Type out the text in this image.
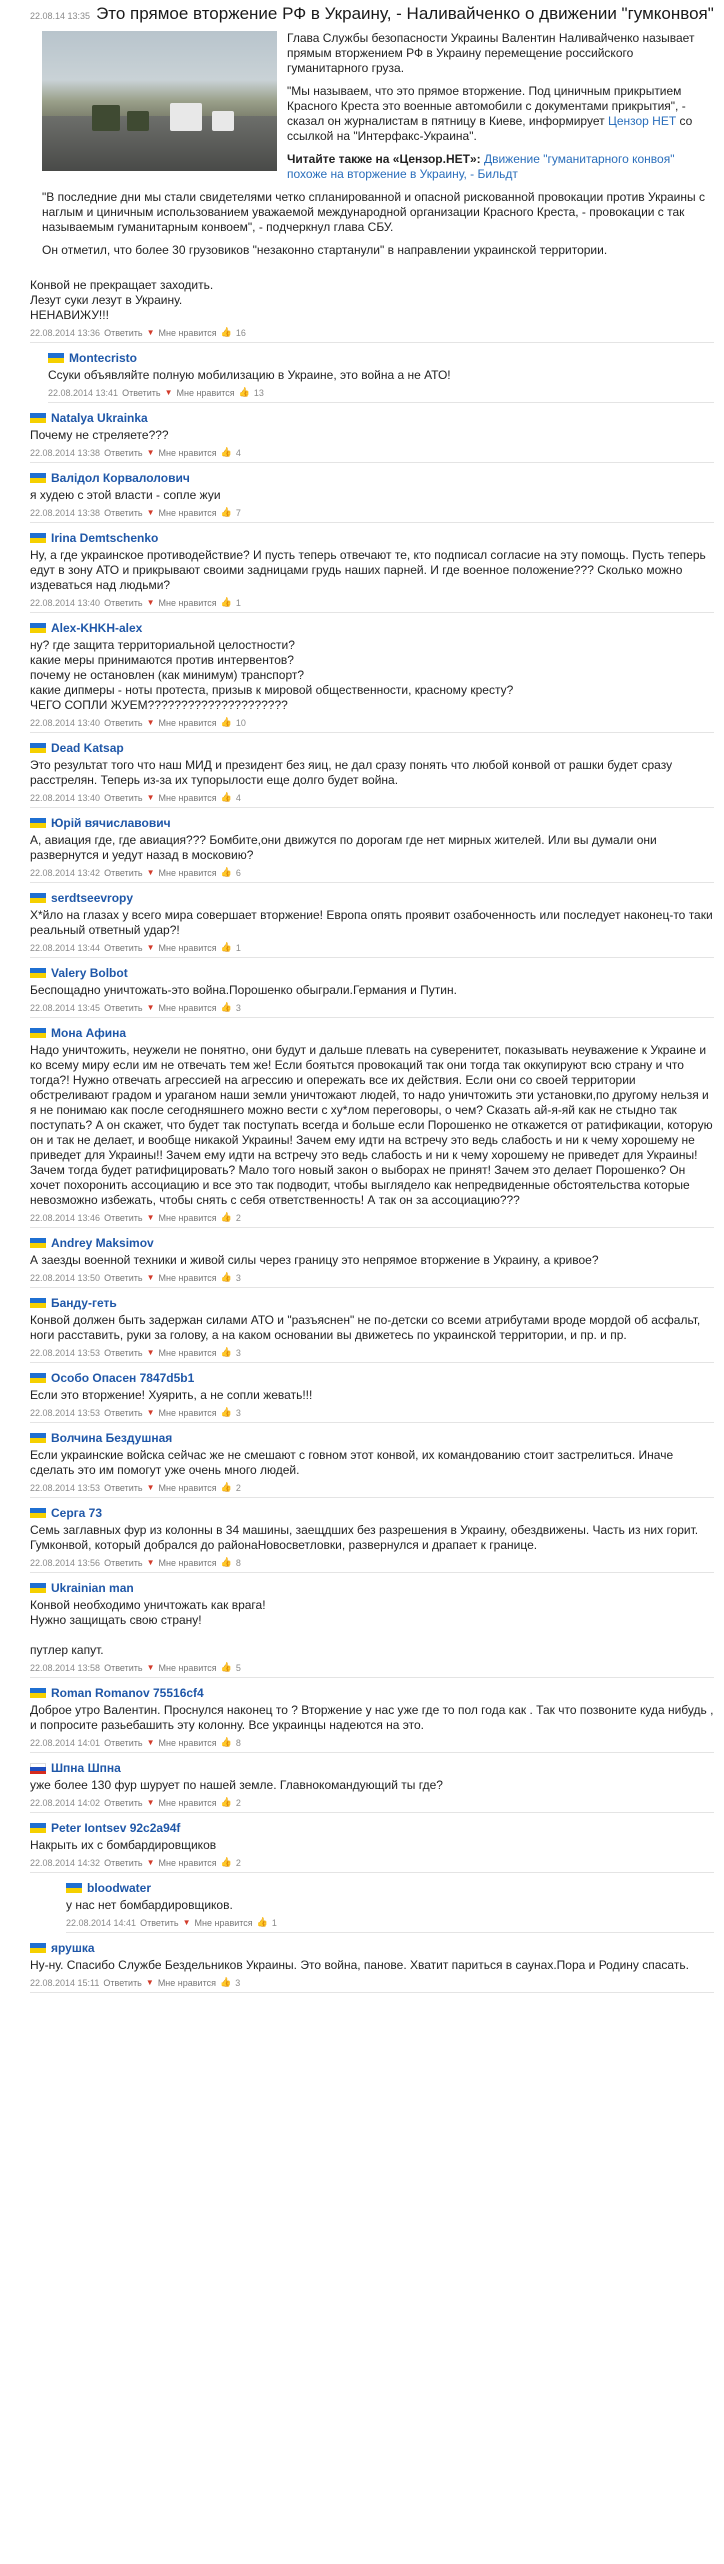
22.08.14 13:35 Это прямое вторжение РФ в Украину, - Наливайченко о движении "гумконвоя"

Глава Службы безопасности Украины Валентин Наливайченко называет прямым вторжением РФ в Украину перемещение российского гуманитарного груза.

"Мы называем, что это прямое вторжение. Под циничным прикрытием Красного Креста это военные автомобили с документами прикрытия", - сказал он журналистам в пятницу в Киеве, информирует Цензор НЕТ со ссылкой на "Интерфакс-Украина".

Читайте также на «Цензор.НЕТ»: Движение "гуманитарного конвоя" похоже на вторжение в Украину, - Бильдт

"В последние дни мы стали свидетелями четко спланированной и опасной рискованной провокации против Украины с наглым и циничным использованием уважаемой международной организации Красного Креста, - провокации с так называемым гуманитарным конвоем", - подчеркнул глава СБУ.

Он отметил, что более 30 грузовиков "незаконно стартанули" в направлении украинской территории.

Конвой не прекращает заходить.
Лезут суки лезут в Украину.
НЕНАВИЖУ!!!
22.08.2014 13:36 Ответить ▼ Мне нравится 👍 16
Montecristo
Ссуки объявляйте полную мобилизацию в Украине, это война а не АТО!
22.08.2014 13:41 Ответить ▼ Мне нравится 👍 13
Natalya Ukrainka
Почему не стреляете???
22.08.2014 13:38 Ответить ▼ Мне нравится 👍 4
Валідол Корвалолович
я худею с этой власти - сопле жуи
22.08.2014 13:38 Ответить ▼ Мне нравится 👍 7
Irina Demtschenko
Ну, а где украинское противодействие? И пусть теперь отвечают те, кто подписал согласие на эту помощь. Пусть теперь едут в зону АТО и прикрывают своими задницами грудь наших парней. И где военное положение??? Сколько можно издеваться над людьми?
22.08.2014 13:40 Ответить ▼ Мне нравится 👍 1
Alex-KHKH-alex
ну? где защита территориальной целостности?
какие меры принимаются против интервентов?
почему не остановлен (как минимум) транспорт?
какие дипмеры - ноты протеста, призыв к мировой общественности, красному кресту?
ЧЕГО СОПЛИ ЖУЕМ?????????????????????
22.08.2014 13:40 Ответить ▼ Мне нравится 👍 10
Dead Katsap
Это результат того что наш МИД и президент без яиц, не дал сразу понять что любой конвой от рашки будет сразу расстрелян. Теперь из-за их тупорылости еще долго будет война.
22.08.2014 13:40 Ответить ▼ Мне нравится 👍 4
Юрій вячиславович
А, авиация где, где авиация??? Бомбите,они движутся по дорогам где нет мирных жителей. Или вы думали они развернутся и уедут назад в московию?
22.08.2014 13:42 Ответить ▼ Мне нравится 👍 6
serdtseevropy
Х*йло на глазах у всего мира совершает вторжение! Европа опять проявит озабоченность или последует наконец-то таки реальный ответный удар?!
22.08.2014 13:44 Ответить ▼ Мне нравится 👍 1
Valery Bolbot
Беспощадно уничтожать-это война.Порошенко обыграли.Германия и Путин.
22.08.2014 13:45 Ответить ▼ Мне нравится 👍 3
Мона Афина
Надо уничтожить, неужели не понятно, они будут и дальше плевать на суверенитет, показывать неуважение к Украине и ко всему миру если им не отвечать тем же! Если боятьтся провокаций так они тогда так оккупируют всю страну и что тогда?! Нужно отвечать агрессией на агрессию и опережать все их действия. Если они со своей территории обстреливают градом и ураганом наши земли уничтожают людей, то надо уничтожить эти установки,по другому нельзя и я не понимаю как после сегодняшнего можно вести с ху*лом переговоры, о чем? Сказать ай-я-яй как не стыдно так поступать? А он скажет, что будет так поступать всегда и больше если Порошенко не откажется от ратификации, которую он и так не делает, и вообще никакой Украины! Зачем ему идти на встречу это ведь слабость и ни к чему хорошему не приведет для Украины!! Зачем ему идти на встречу это ведь слабость и ни к чему хорошему не приведет для Украины! Зачем тогда будет ратифицировать? Мало того новый закон о выборах не принят! Зачем это делает Порошенко? Он хочет похоронить ассоциацию и все это так подводит, чтобы выглядело как непредвиденные обстоятельства которые невозможно избежать, чтобы снять с себя ответственность! А так он за ассоциацию???
22.08.2014 13:46 Ответить ▼ Мне нравится 👍 2
Andrey Maksimov
А заезды военной техники и живой силы через границу это непрямое вторжение в Украину, а кривое?
22.08.2014 13:50 Ответить ▼ Мне нравится 👍 3
Банду-геть
Конвой должен быть задержан силами АТО и "разъяснен" не по-детски со всеми атрибутами вроде мордой об асфальт, ноги расставить, руки за голову, а на каком основании вы движетесь по украинской территории, и пр. и пр.
22.08.2014 13:53 Ответить ▼ Мне нравится 👍 3
Особо Опасен 7847d5b1
Если это вторжение! Хуярить, а не сопли жевать!!!
22.08.2014 13:53 Ответить ▼ Мне нравится 👍 3
Волчина Бездушная
Если украинские войска сейчас же не смешают с говном этот конвой, их командованию стоит застрелиться. Иначе сделать это им помогут уже очень много людей.
22.08.2014 13:53 Ответить ▼ Мне нравится 👍 2
Серга 73
Семь заглавных фур из колонны в 34 машины, заещдших без разрешения в Украину, обездвижены. Часть из них горит.
Гумконвой, который добрался до районаНовосветловки, развернулся и драпает к границе.
22.08.2014 13:56 Ответить ▼ Мне нравится 👍 8
Ukrainian man
Конвой необходимо уничтожать как врага!
Нужно защищать свою страну!

путлер капут.
22.08.2014 13:58 Ответить ▼ Мне нравится 👍 5
Roman Romanov 75516cf4
Доброе утро Валентин. Проснулся наконец то ? Вторжение у нас уже где то пол года как . Так что позвоните куда нибудь , и попросите разьебашить эту колонну. Все украинцы надеются на это.
22.08.2014 14:01 Ответить ▼ Мне нравится 👍 8
Шпна Шпна
уже более 130 фур шурует по нашей земле. Главнокомандующий ты где?
22.08.2014 14:02 Ответить ▼ Мне нравится 👍 2
Peter Iontsev 92c2a94f
Накрыть их с бомбардировщиков
22.08.2014 14:32 Ответить ▼ Мне нравится 👍 2
bloodwater
у нас нет бомбардировщиков.
22.08.2014 14:41 Ответить ▼ Мне нравится 👍 1
ярушка
Ну-ну. Спасибо Службе Бездельников Украины. Это война, панове. Хватит париться в саунах.Пора и Родину спасать.
22.08.2014 15:11 Ответить ▼ Мне нравится 👍 3
